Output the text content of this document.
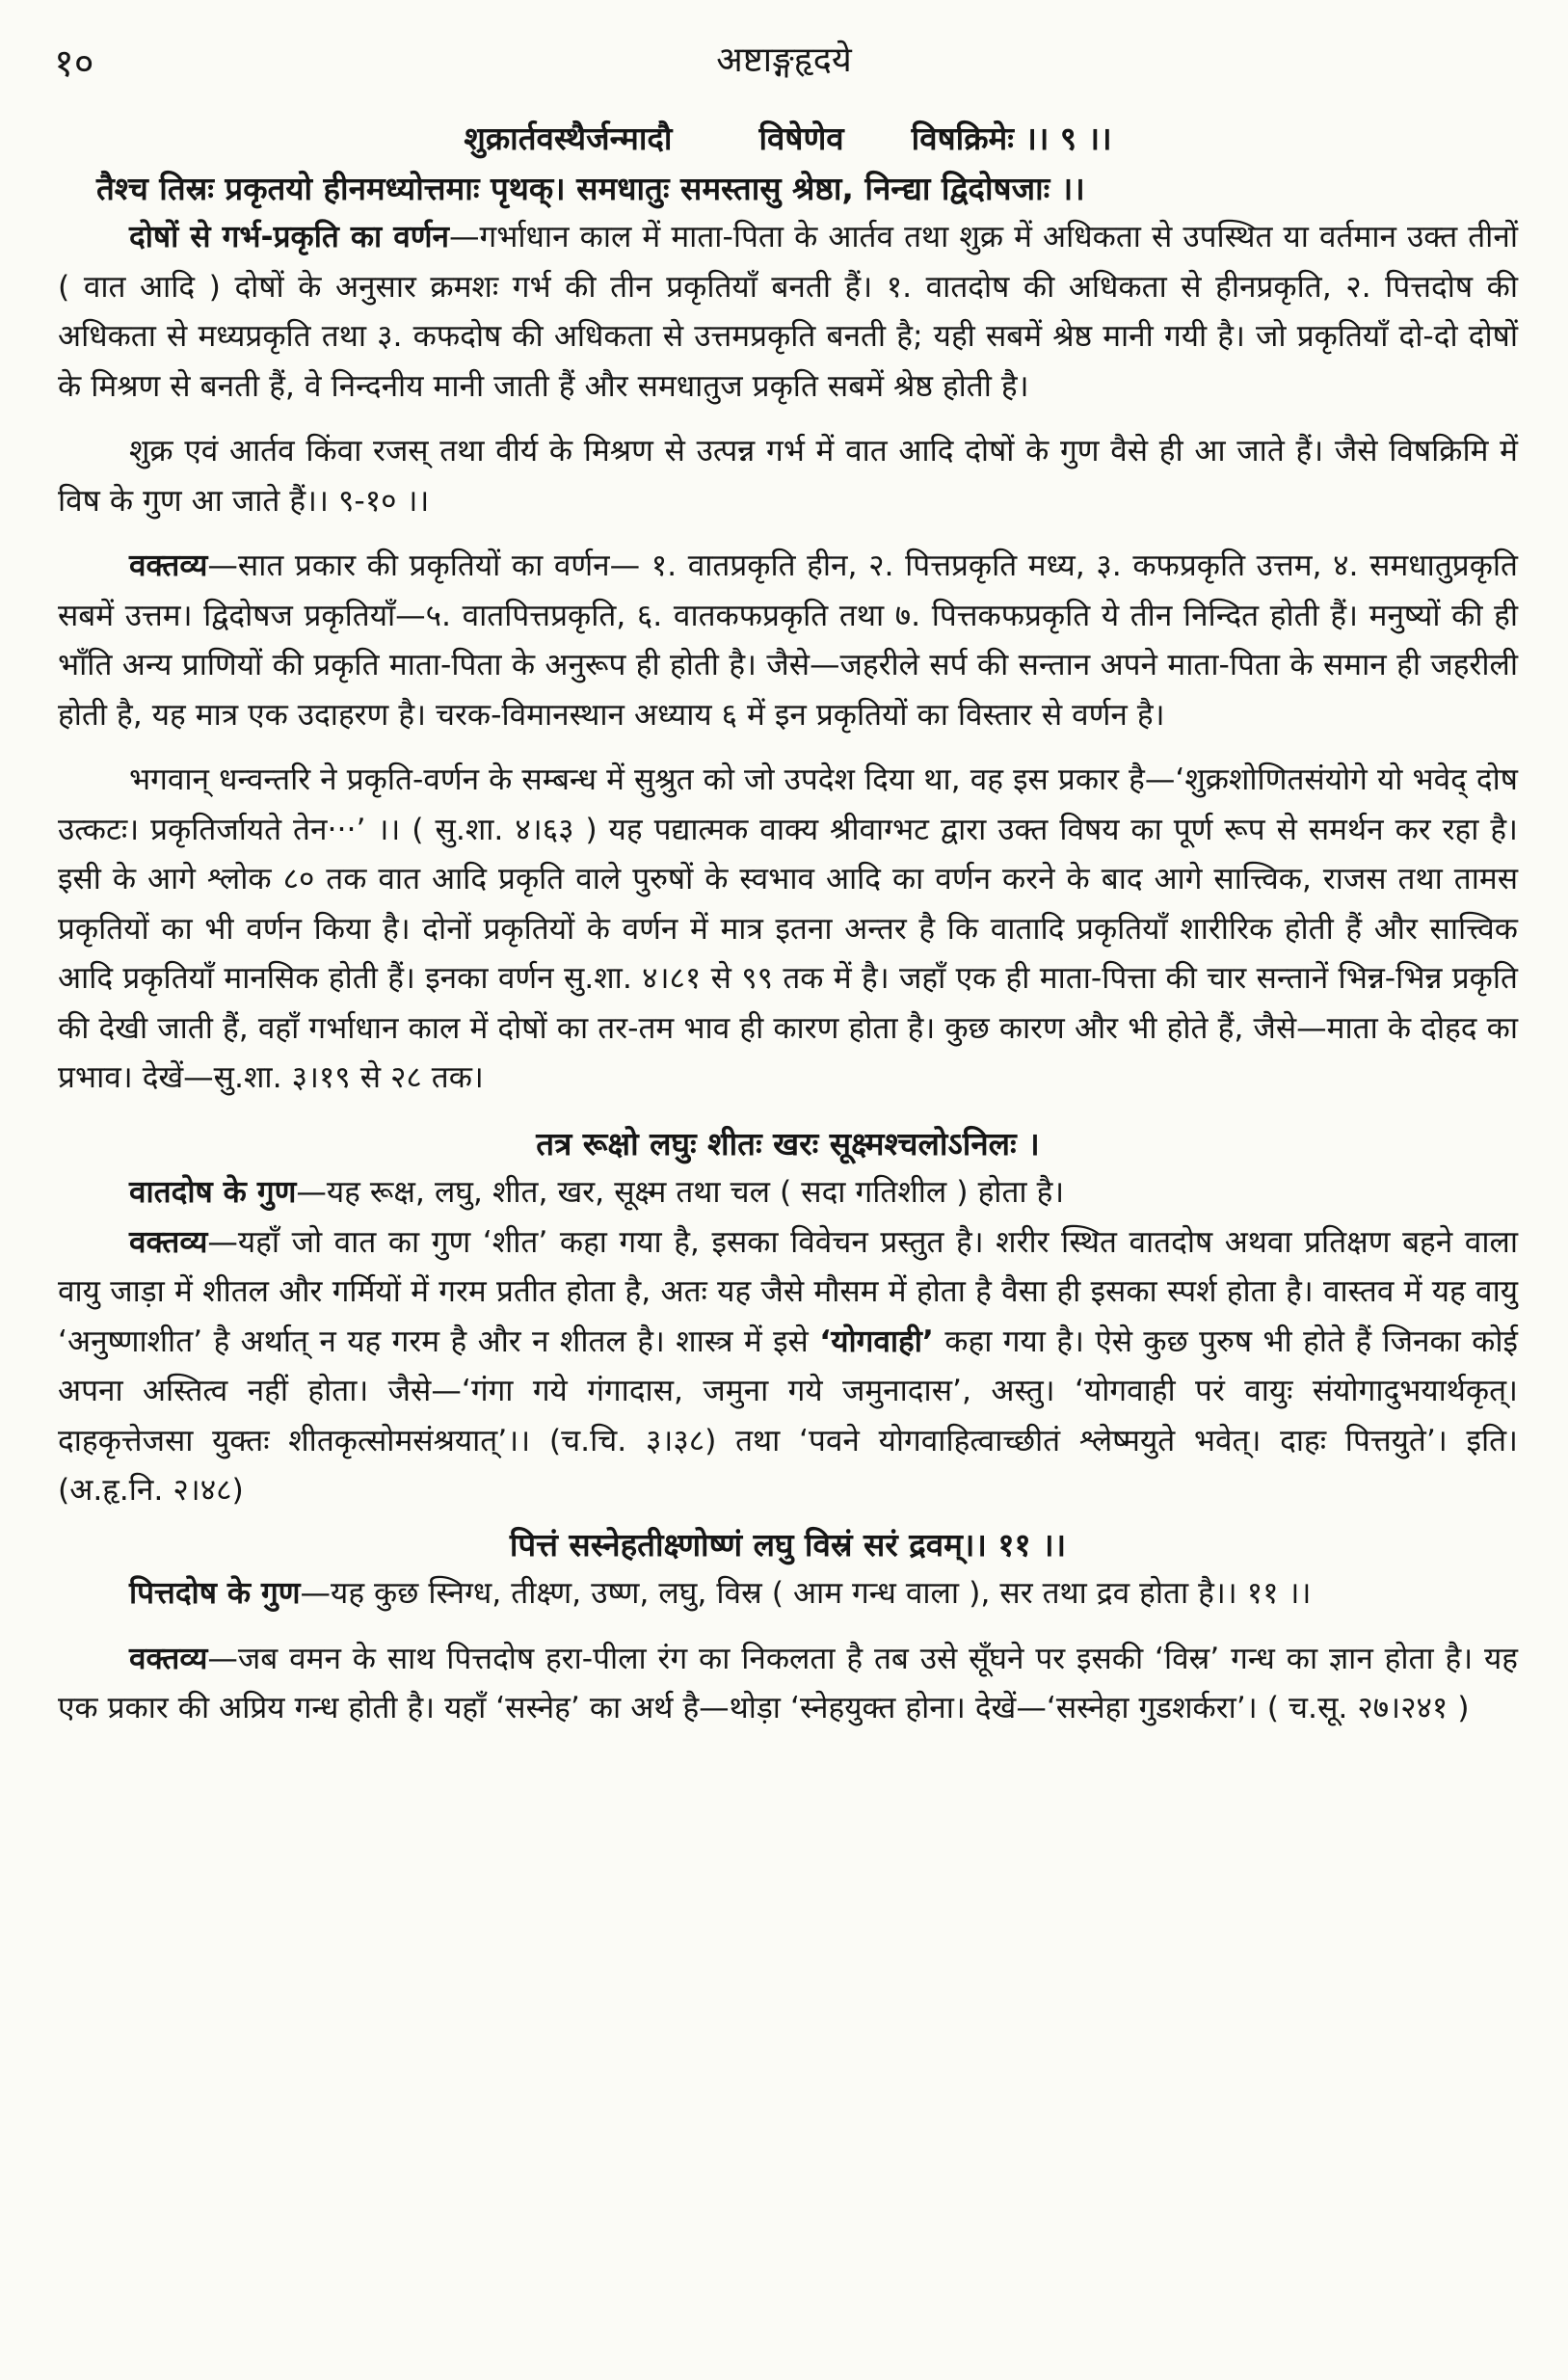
१०	अष्टाङ्गहृदये

शुक्रार्तवस्थैर्जन्मादौ	विषेणेव विषक्रिमेः ।। ९ ।।

तैश्च तिस्रः प्रकृतयो हीनमध्योत्तमाः पृथक्। समधातुः समस्तासु श्रेष्ठा, निन्द्या द्विदोषजाः ।।

दोषों से गर्भ-प्रकृति का वर्णन—गर्भाधान काल में माता-पिता के आर्तव तथा शुक्र में अधिकता से उपस्थित या वर्तमान उक्त तीनों ( वात आदि ) दोषों के अनुसार क्रमशः गर्भ की तीन प्रकृतियाँ बनती हैं। १. वातदोष की अधिकता से हीनप्रकृति, २. पित्तदोष की अधिकता से मध्यप्रकृति तथा ३. कफदोष की अधिकता से उत्तमप्रकृति बनती है; यही सबमें श्रेष्ठ मानी गयी है। जो प्रकृतियाँ दो-दो दोषों के मिश्रण से बनती हैं, वे निन्दनीय मानी जाती हैं और समधातुज प्रकृति सबमें श्रेष्ठ होती है।

शुक्र एवं आर्तव किंवा रजस् तथा वीर्य के मिश्रण से उत्पन्न गर्भ में वात आदि दोषों के गुण वैसे ही आ जाते हैं। जैसे विषक्रिमि में विष के गुण आ जाते हैं।। ९-१० ।।

वक्तव्य—सात प्रकार की प्रकृतियों का वर्णन— १. वातप्रकृति हीन, २. पित्तप्रकृति मध्य, ३. कफप्रकृति उत्तम, ४. समधातुप्रकृति सबमें उत्तम। द्विदोषज प्रकृतियाँ—५. वातपित्तप्रकृति, ६. वातकफप्रकृति तथा ७. पित्तकफप्रकृति ये तीन निन्दित होती हैं। मनुष्यों की ही भाँति अन्य प्राणियों की प्रकृति माता-पिता के अनुरूप ही होती है। जैसे—जहरीले सर्प की सन्तान अपने माता-पिता के समान ही जहरीली होती है, यह मात्र एक उदाहरण है। चरक-विमानस्थान अध्याय ६ में इन प्रकृतियों का विस्तार से वर्णन है।

भगवान् धन्वन्तरि ने प्रकृति-वर्णन के सम्बन्ध में सुश्रुत को जो उपदेश दिया था, वह इस प्रकार है—‘शुक्रशोणितसंयोगे यो भवेद् दोष उत्कटः। प्रकृतिर्जायते तेन···’ ।। ( सु.शा. ४।६३ ) यह पद्यात्मक वाक्य श्रीवाग्भट द्वारा उक्त विषय का पूर्ण रूप से समर्थन कर रहा है। इसी के आगे श्लोक ८० तक वात आदि प्रकृति वाले पुरुषों के स्वभाव आदि का वर्णन करने के बाद आगे सात्त्विक, राजस तथा तामस प्रकृतियों का भी वर्णन किया है। दोनों प्रकृतियों के वर्णन में मात्र इतना अन्तर है कि वातादि प्रकृतियाँ शारीरिक होती हैं और सात्त्विक आदि प्रकृतियाँ मानसिक होती हैं। इनका वर्णन सु.शा. ४।८१ से ९९ तक में है। जहाँ एक ही माता-पित्ता की चार सन्तानें भिन्न-भिन्न प्रकृति की देखी जाती हैं, वहाँ गर्भाधान काल में दोषों का तर-तम भाव ही कारण होता है। कुछ कारण और भी होते हैं, जैसे—माता के दोहद का प्रभाव। देखें—सु.शा. ३।१९ से २८ तक।

तत्र रूक्षो लघुः शीतः खरः सूक्ष्मश्चलोऽनिलः ।

वातदोष के गुण—यह रूक्ष, लघु, शीत, खर, सूक्ष्म तथा चल ( सदा गतिशील ) होता है।

वक्तव्य—यहाँ जो वात का गुण ‘शीत’ कहा गया है, इसका विवेचन प्रस्तुत है। शरीर स्थित वातदोष अथवा प्रतिक्षण बहने वाला वायु जाड़ा में शीतल और गर्मियों में गरम प्रतीत होता है, अतः यह जैसे मौसम में होता है वैसा ही इसका स्पर्श होता है। वास्तव में यह वायु ‘अनुष्णाशीत’ है अर्थात् न यह गरम है और न शीतल है। शास्त्र में इसे ‘योगवाही’ कहा गया है। ऐसे कुछ पुरुष भी होते हैं जिनका कोई अपना अस्तित्व नहीं होता। जैसे—‘गंगा गये गंगादास, जमुना गये जमुनादास’, अस्तु। ‘योगवाही परं वायुः संयोगादुभयार्थकृत्। दाहकृत्तेजसा युक्तः शीतकृत्सोमसंश्रयात्’।। (च.चि. ३।३८) तथा ‘पवने योगवाहित्वाच्छीतं श्लेष्मयुते भवेत्। दाहः पित्तयुते’। इति। (अ.हृ.नि. २।४८)

पित्तं सस्नेहतीक्ष्णोष्णं लघु विस्रं सरं द्रवम्।। ११ ।।

पित्तदोष के गुण—यह कुछ स्निग्ध, तीक्ष्ण, उष्ण, लघु, विस्र ( आम गन्ध वाला ), सर तथा द्रव होता है।। ११ ।।

वक्तव्य—जब वमन के साथ पित्तदोष हरा-पीला रंग का निकलता है तब उसे सूँघने पर इसकी ‘विस्र’ गन्ध का ज्ञान होता है। यह एक प्रकार की अप्रिय गन्ध होती है। यहाँ ‘सस्नेह’ का अर्थ है—थोड़ा ‘स्नेहयुक्त होना। देखें—‘सस्नेहा गुडशर्करा’। ( च.सू. २७।२४१ )
